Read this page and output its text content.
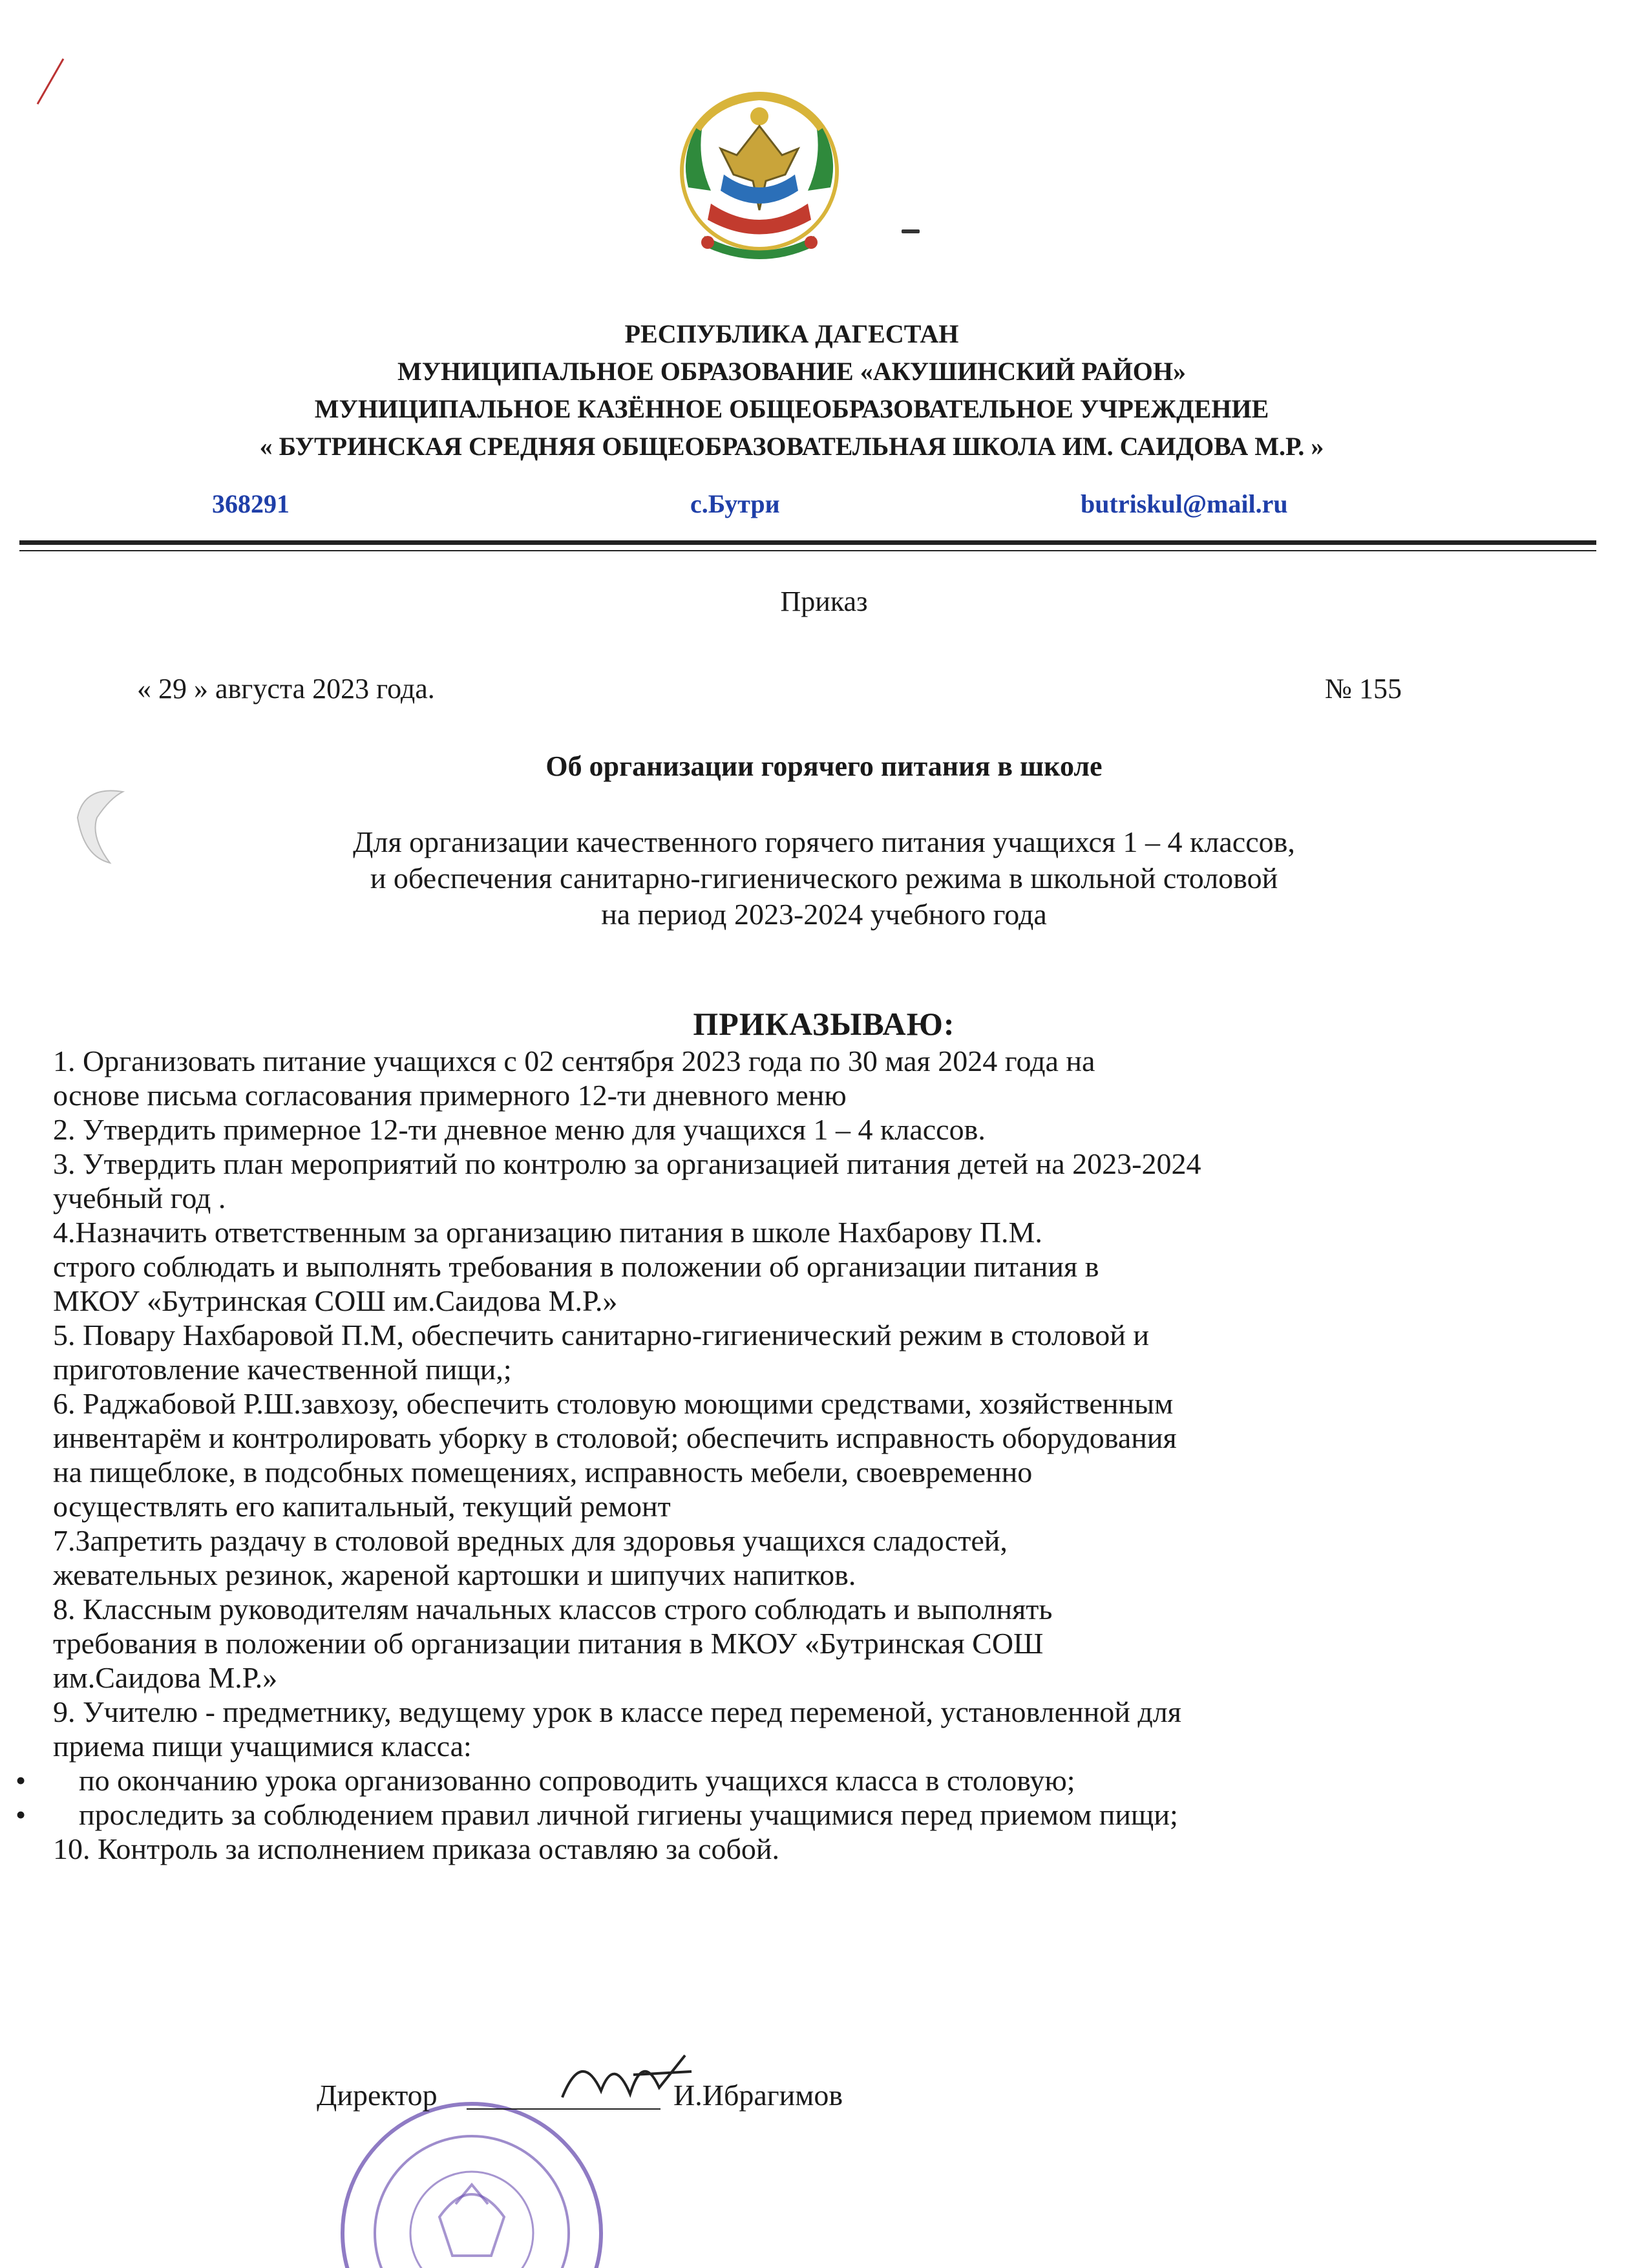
РЕСПУБЛИКА ДАГЕСТАН
МУНИЦИПАЛЬНОЕ ОБРАЗОВАНИЕ «АКУШИНСКИЙ РАЙОН»
МУНИЦИПАЛЬНОЕ КАЗЁННОЕ ОБЩЕОБРАЗОВАТЕЛЬНОЕ УЧРЕЖДЕНИЕ
« БУТРИНСКАЯ СРЕДНЯЯ ОБЩЕОБРАЗОВАТЕЛЬНАЯ ШКОЛА ИМ. САИДОВА М.Р. »
368291	с.Бутри	butriskul@mail.ru
Приказ
« 29 » августа 2023 года.	№ 155
Об организации горячего питания в школе
Для организации качественного горячего питания учащихся 1 – 4 классов,
и обеспечения санитарно-гигиенического режима в школьной столовой
на период 2023-2024 учебного года
ПРИКАЗЫВАЮ:
1. Организовать питание учащихся с 02 сентября 2023 года по 30 мая 2024 года на
основе письма согласования примерного 12-ти дневного меню
2. Утвердить примерное 12-ти дневное меню для учащихся 1 – 4 классов.
3. Утвердить план мероприятий по контролю за организацией питания детей на 2023-2024
учебный год .
4.Назначить ответственным за организацию питания в школе Нахбарову П.М.
строго соблюдать и выполнять требования в положении об организации питания в
МКОУ «Бутринская СОШ им.Саидова М.Р.»
5. Повару Нахбаровой П.М, обеспечить санитарно-гигиенический режим в столовой и
приготовление качественной пищи,;
6. Раджабовой Р.Ш.завхозу, обеспечить столовую моющими средствами, хозяйственным
инвентарём и контролировать уборку в столовой; обеспечить исправность оборудования
на пищеблоке, в подсобных помещениях, исправность мебели, своевременно
осуществлять его капитальный, текущий ремонт
7.Запретить раздачу в столовой вредных для здоровья учащихся сладостей,
жевательных резинок, жареной картошки и шипучих напитков.
8. Классным руководителям начальных классов строго соблюдать и выполнять
требования в положении об организации питания в МКОУ «Бутринская СОШ
им.Саидова М.Р.»
9. Учителю - предметнику, ведущему урок в классе перед переменой, установленной для
приема пищи учащимися класса:
• по окончанию урока организованно сопроводить учащихся класса в столовую;
• проследить за соблюдением правил личной гигиены учащимися перед приемом пищи;
10. Контроль за исполнением приказа оставляю за собой.
Директор	И.Ибрагимов
